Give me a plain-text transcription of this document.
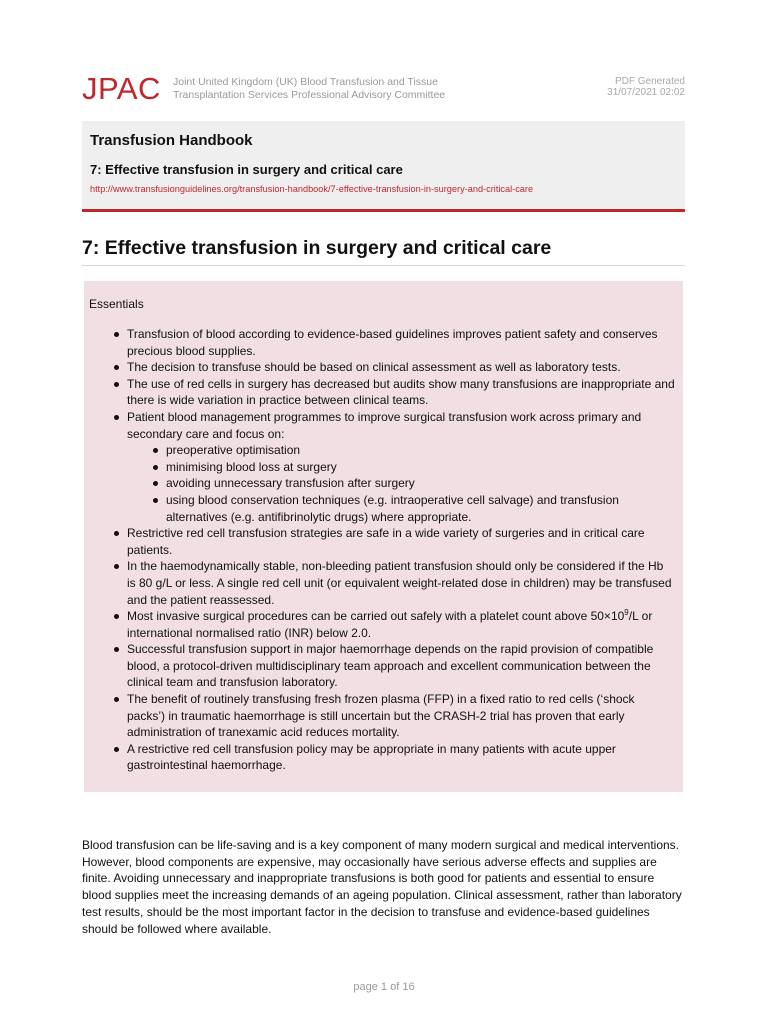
JPAC Joint United Kingdom (UK) Blood Transfusion and Tissue
Transplantation Services Professional Advisory Committee
PDF Generated
31/07/2021 02:02
Transfusion Handbook
7: Effective transfusion in surgery and critical care
http://www.transfusionguidelines.org/transfusion-handbook/7-effective-transfusion-in-surgery-and-critical-care
7: Effective transfusion in surgery and critical care
Essentials
Transfusion of blood according to evidence-based guidelines improves patient safety and conserves precious blood supplies.
The decision to transfuse should be based on clinical assessment as well as laboratory tests.
The use of red cells in surgery has decreased but audits show many transfusions are inappropriate and there is wide variation in practice between clinical teams.
Patient blood management programmes to improve surgical transfusion work across primary and secondary care and focus on:
preoperative optimisation
minimising blood loss at surgery
avoiding unnecessary transfusion after surgery
using blood conservation techniques (e.g. intraoperative cell salvage) and transfusion alternatives (e.g. antifibrinolytic drugs) where appropriate.
Restrictive red cell transfusion strategies are safe in a wide variety of surgeries and in critical care patients.
In the haemodynamically stable, non-bleeding patient transfusion should only be considered if the Hb is 80 g/L or less. A single red cell unit (or equivalent weight-related dose in children) may be transfused and the patient reassessed.
Most invasive surgical procedures can be carried out safely with a platelet count above $50\times 10^9/L$ or international normalised ratio (INR) below 2.0.
Successful transfusion support in major haemorrhage depends on the rapid provision of compatible blood, a protocol-driven multidisciplinary team approach and excellent communication between the clinical team and transfusion laboratory.
The benefit of routinely transfusing fresh frozen plasma (FFP) in a fixed ratio to red cells (‘shock packs’) in traumatic haemorrhage is still uncertain but the CRASH-2 trial has proven that early administration of tranexamic acid reduces mortality.
A restrictive red cell transfusion policy may be appropriate in many patients with acute upper gastrointestinal haemorrhage.
Blood transfusion can be life-saving and is a key component of many modern surgical and medical interventions. However, blood components are expensive, may occasionally have serious adverse effects and supplies are finite. Avoiding unnecessary and inappropriate transfusions is both good for patients and essential to ensure blood supplies meet the increasing demands of an ageing population. Clinical assessment, rather than laboratory test results, should be the most important factor in the decision to transfuse and evidence-based guidelines should be followed where available.
page 1 of 16
